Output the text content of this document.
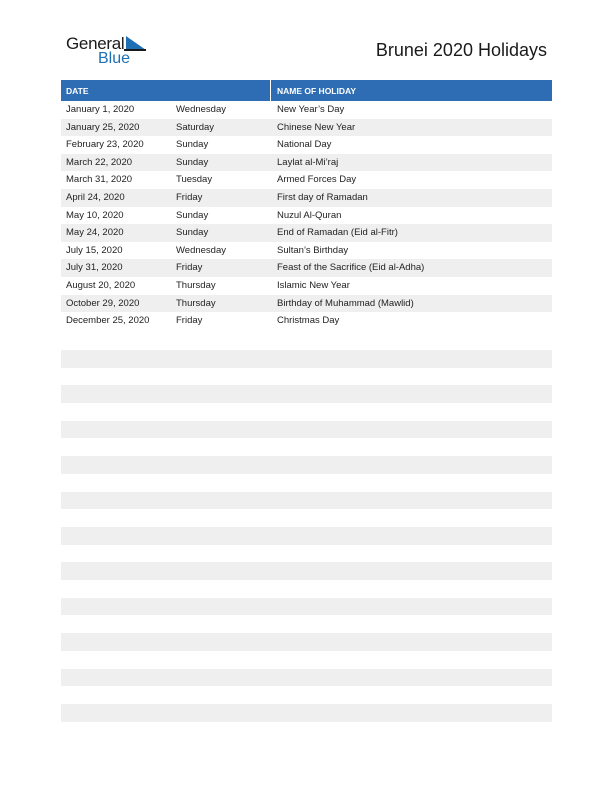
General
Blue	Brunei 2020 Holidays
DATE	NAME OF HOLIDAY
January 1, 2020	Wednesday	New Year’s Day
January 25, 2020	Saturday	Chinese New Year
February 23, 2020	Sunday	National Day
March 22, 2020	Sunday	Laylat al-Mi’raj
March 31, 2020	Tuesday	Armed Forces Day
April 24, 2020	Friday	First day of Ramadan
May 10, 2020	Sunday	Nuzul Al-Quran
May 24, 2020	Sunday	End of Ramadan (Eid al-Fitr)
July 15, 2020	Wednesday	Sultan’s Birthday
July 31, 2020	Friday	Feast of the Sacrifice (Eid al-Adha)
August 20, 2020	Thursday	Islamic New Year
October 29, 2020	Thursday	Birthday of Muhammad (Mawlid)
December 25, 2020	Friday	Christmas Day
